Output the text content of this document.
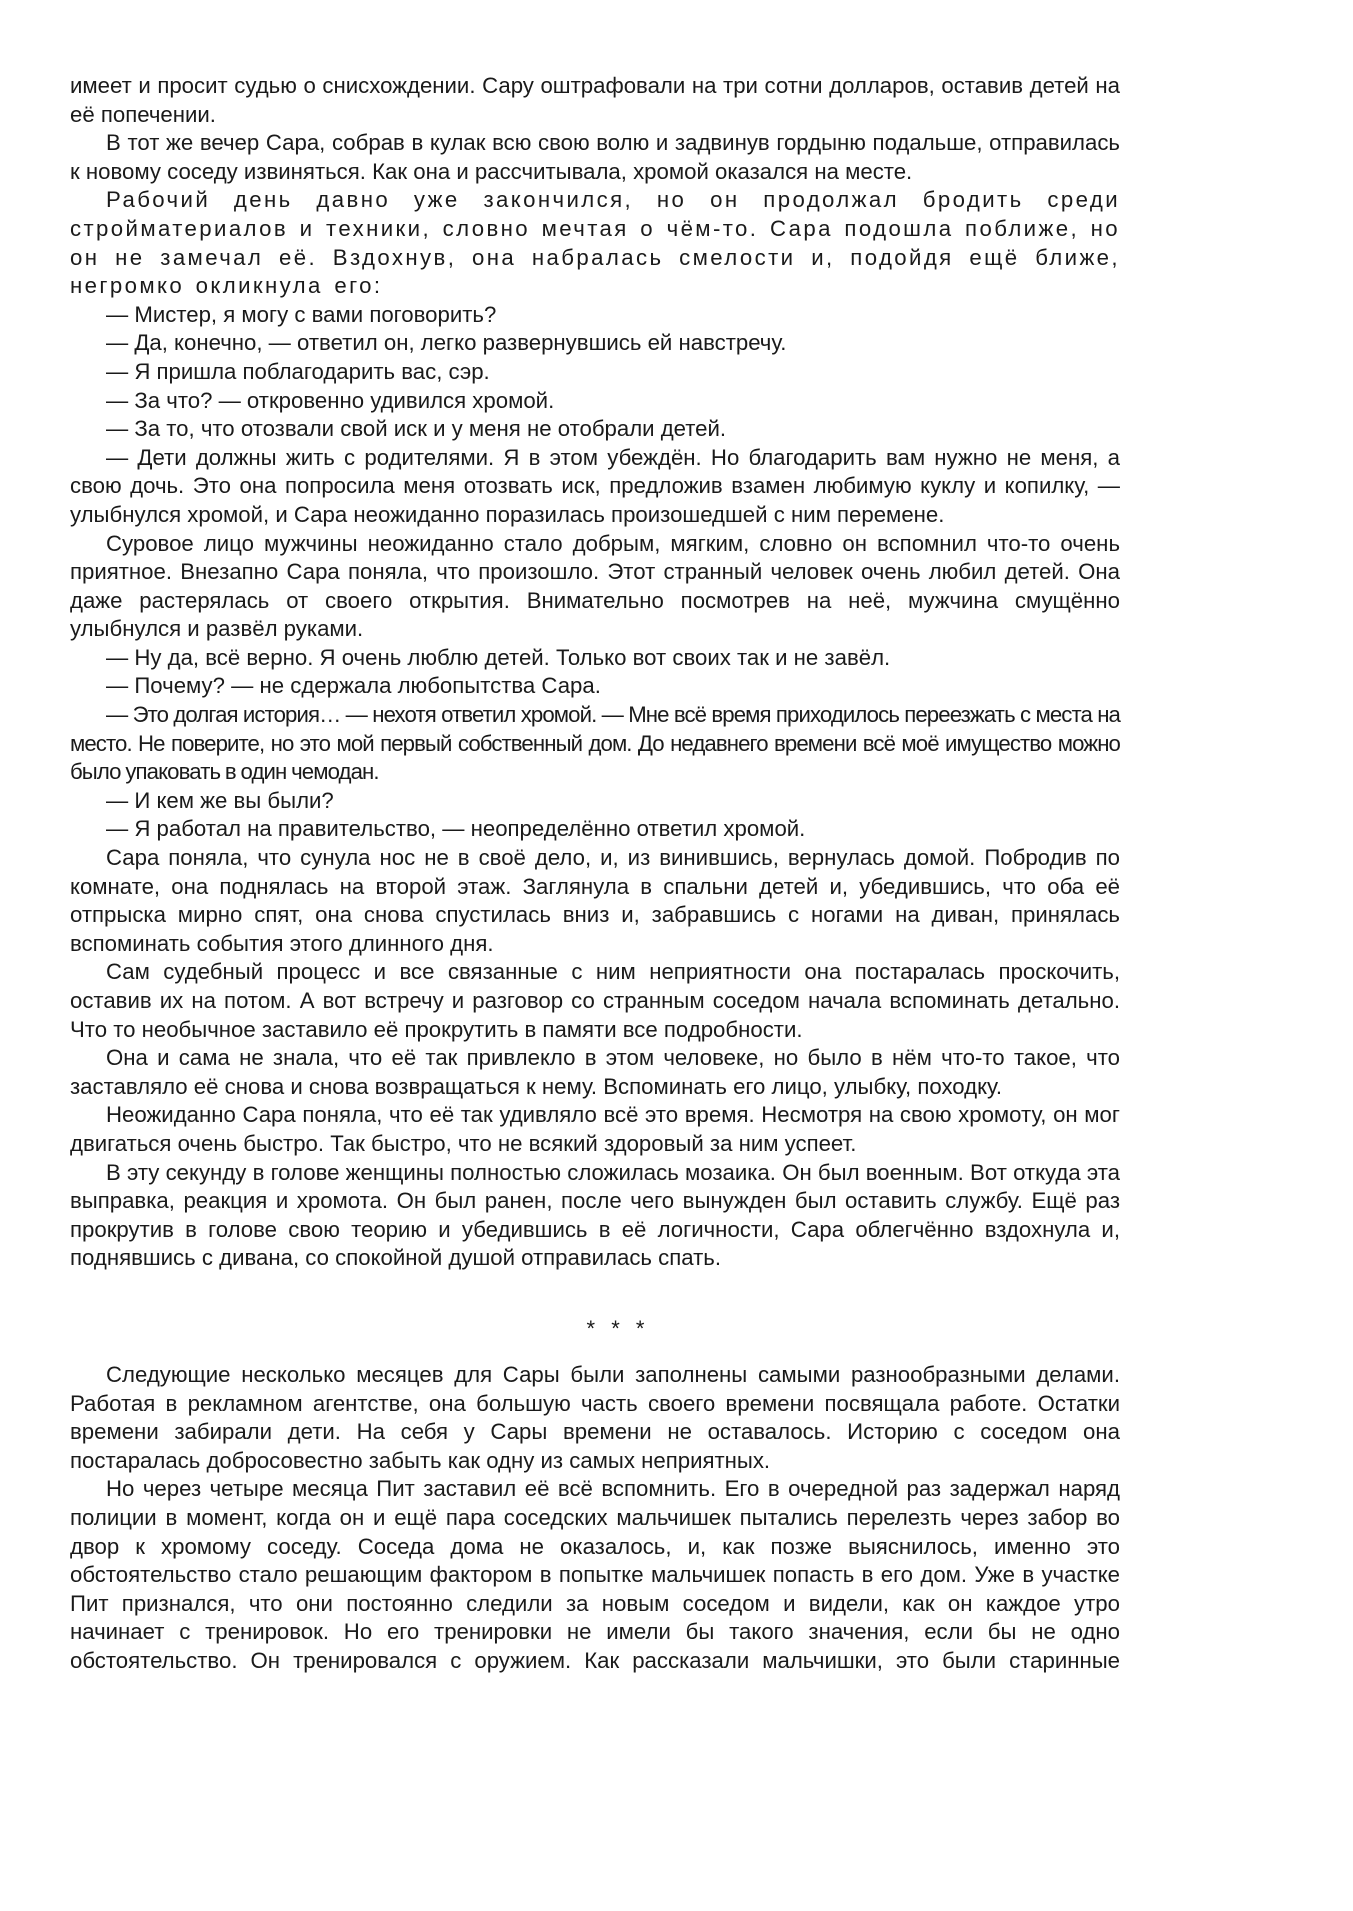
имеет и просит судью о снисхождении. Сару оштрафовали на три сотни долларов, оставив детей на её попечении.

В тот же вечер Сара, собрав в кулак всю свою волю и задвинув гордыню подальше, отправилась к новому соседу извиняться. Как она и рассчитывала, хромой оказался на месте.

Рабочий день давно уже закончился, но он продолжал бродить среди стройматериалов и техники, словно мечтая о чём-то. Сара подошла поближе, но он не замечал её. Вздохнув, она набралась смелости и, подойдя ещё ближе, негромко окликнула его:

— Мистер, я могу с вами поговорить?

— Да, конечно, — ответил он, легко развернувшись ей навстречу.

— Я пришла поблагодарить вас, сэр.

— За что? — откровенно удивился хромой.

— За то, что отозвали свой иск и у меня не отобрали детей.

— Дети должны жить с родителями. Я в этом убеждён. Но благодарить вам нужно не меня, а свою дочь. Это она попросила меня отозвать иск, предложив взамен любимую куклу и копилку, — улыбнулся хромой, и Сара неожиданно поразилась произошедшей с ним перемене.

Суровое лицо мужчины неожиданно стало добрым, мягким, словно он вспомнил что-то очень приятное. Внезапно Сара поняла, что произошло. Этот странный человек очень любил детей. Она даже растерялась от своего открытия. Внимательно посмотрев на неё, мужчина смущённо улыбнулся и развёл руками.

— Ну да, всё верно. Я очень люблю детей. Только вот своих так и не завёл.

— Почему? — не сдержала любопытства Сара.

— Это долгая история… — нехотя ответил хромой. — Мне всё время приходилось переезжать с места на место. Не поверите, но это мой первый собственный дом. До недавнего времени всё моё имущество можно было упаковать в один чемодан.

— И кем же вы были?

— Я работал на правительство, — неопределённо ответил хромой.

Сара поняла, что сунула нос не в своё дело, и, из винившись, вернулась домой. Побродив по комнате, она поднялась на второй этаж. Заглянула в спальни детей и, убедившись, что оба её отпрыска мирно спят, она снова спустилась вниз и, забравшись с ногами на диван, принялась вспоминать события этого длинного дня.

Сам судебный процесс и все связанные с ним неприятности она постаралась проскочить, оставив их на потом. А вот встречу и разговор со странным соседом начала вспоминать детально. Что то необычное заставило её прокрутить в памяти все подробности.

Она и сама не знала, что её так привлекло в этом человеке, но было в нём что-то такое, что заставляло её снова и снова возвращаться к нему. Вспоминать его лицо, улыбку, походку.

Неожиданно Сара поняла, что её так удивляло всё это время. Несмотря на свою хромоту, он мог двигаться очень быстро. Так быстро, что не всякий здоровый за ним успеет.

В эту секунду в голове женщины полностью сложилась мозаика. Он был военным. Вот откуда эта выправка, реакция и хромота. Он был ранен, после чего вынужден был оставить службу. Ещё раз прокрутив в голове свою теорию и убедившись в её логичности, Сара облегчённо вздохнула и, поднявшись с дивана, со спокойной душой отправилась спать.

* * *

Следующие несколько месяцев для Сары были заполнены самыми разнообразными делами. Работая в рекламном агентстве, она большую часть своего времени посвящала работе. Остатки времени забирали дети. На себя у Сары времени не оставалось. Историю с соседом она постаралась добросовестно забыть как одну из самых неприятных.

Но через четыре месяца Пит заставил её всё вспомнить. Его в очередной раз задержал наряд полиции в момент, когда он и ещё пара соседских мальчишек пытались перелезть через забор во двор к хромому соседу. Соседа дома не оказалось, и, как позже выяснилось, именно это обстоятельство стало решающим фактором в попытке мальчишек попасть в его дом. Уже в участке Пит признался, что они постоянно следили за новым соседом и видели, как он каждое утро начинает с тренировок. Но его тренировки не имели бы такого значения, если бы не одно обстоятельство. Он тренировался с оружием. Как рассказали мальчишки, это были старинные
